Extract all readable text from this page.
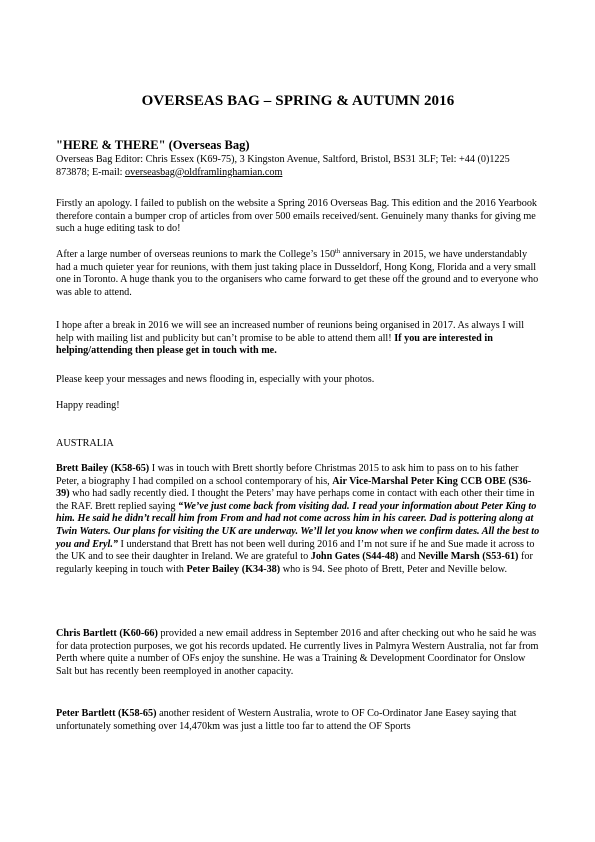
OVERSEAS BAG – SPRING & AUTUMN 2016
"HERE & THERE" (Overseas Bag)
Overseas Bag Editor: Chris Essex (K69-75), 3 Kingston Avenue, Saltford, Bristol, BS31 3LF; Tel: +44 (0)1225 873878; E-mail: overseasbag@oldframlinghamian.com
Firstly an apology. I failed to publish on the website a Spring 2016 Overseas Bag. This edition and the 2016 Yearbook therefore contain a bumper crop of articles from over 500 emails received/sent. Genuinely many thanks for giving me such a huge editing task to do!
After a large number of overseas reunions to mark the College’s 150th anniversary in 2015, we have understandably had a much quieter year for reunions, with them just taking place in Dusseldorf, Hong Kong, Florida and a very small one in Toronto. A huge thank you to the organisers who came forward to get these off the ground and to everyone who was able to attend.
I hope after a break in 2016 we will see an increased number of reunions being organised in 2017. As always I will help with mailing list and publicity but can’t promise to be able to attend them all! If you are interested in helping/attending then please get in touch with me.
Please keep your messages and news flooding in, especially with your photos.
Happy reading!
AUSTRALIA
Brett Bailey (K58-65) I was in touch with Brett shortly before Christmas 2015 to ask him to pass on to his father Peter, a biography I had compiled on a school contemporary of his, Air Vice-Marshal Peter King CCB OBE (S36-39) who had sadly recently died. I thought the Peters’ may have perhaps come in contact with each other their time in the RAF. Brett replied saying “We’ve just come back from visiting dad. I read your information about Peter King to him. He said he didn’t recall him from From and had not come across him in his career. Dad is pottering along at Twin Waters. Our plans for visiting the UK are underway. We’ll let you know when we confirm dates. All the best to you and Eryl.” I understand that Brett has not been well during 2016 and I’m not sure if he and Sue made it across to the UK and to see their daughter in Ireland. We are grateful to John Gates (S44-48) and Neville Marsh (S53-61) for regularly keeping in touch with Peter Bailey (K34-38) who is 94. See photo of Brett, Peter and Neville below.
Chris Bartlett (K60-66) provided a new email address in September 2016 and after checking out who he said he was for data protection purposes, we got his records updated. He currently lives in Palmyra Western Australia, not far from Perth where quite a number of OFs enjoy the sunshine. He was a Training & Development Coordinator for Onslow Salt but has recently been reemployed in another capacity.
Peter Bartlett (K58-65) another resident of Western Australia, wrote to OF Co-Ordinator Jane Easey saying that unfortunately something over 14,470km was just a little too far to attend the OF Sports
